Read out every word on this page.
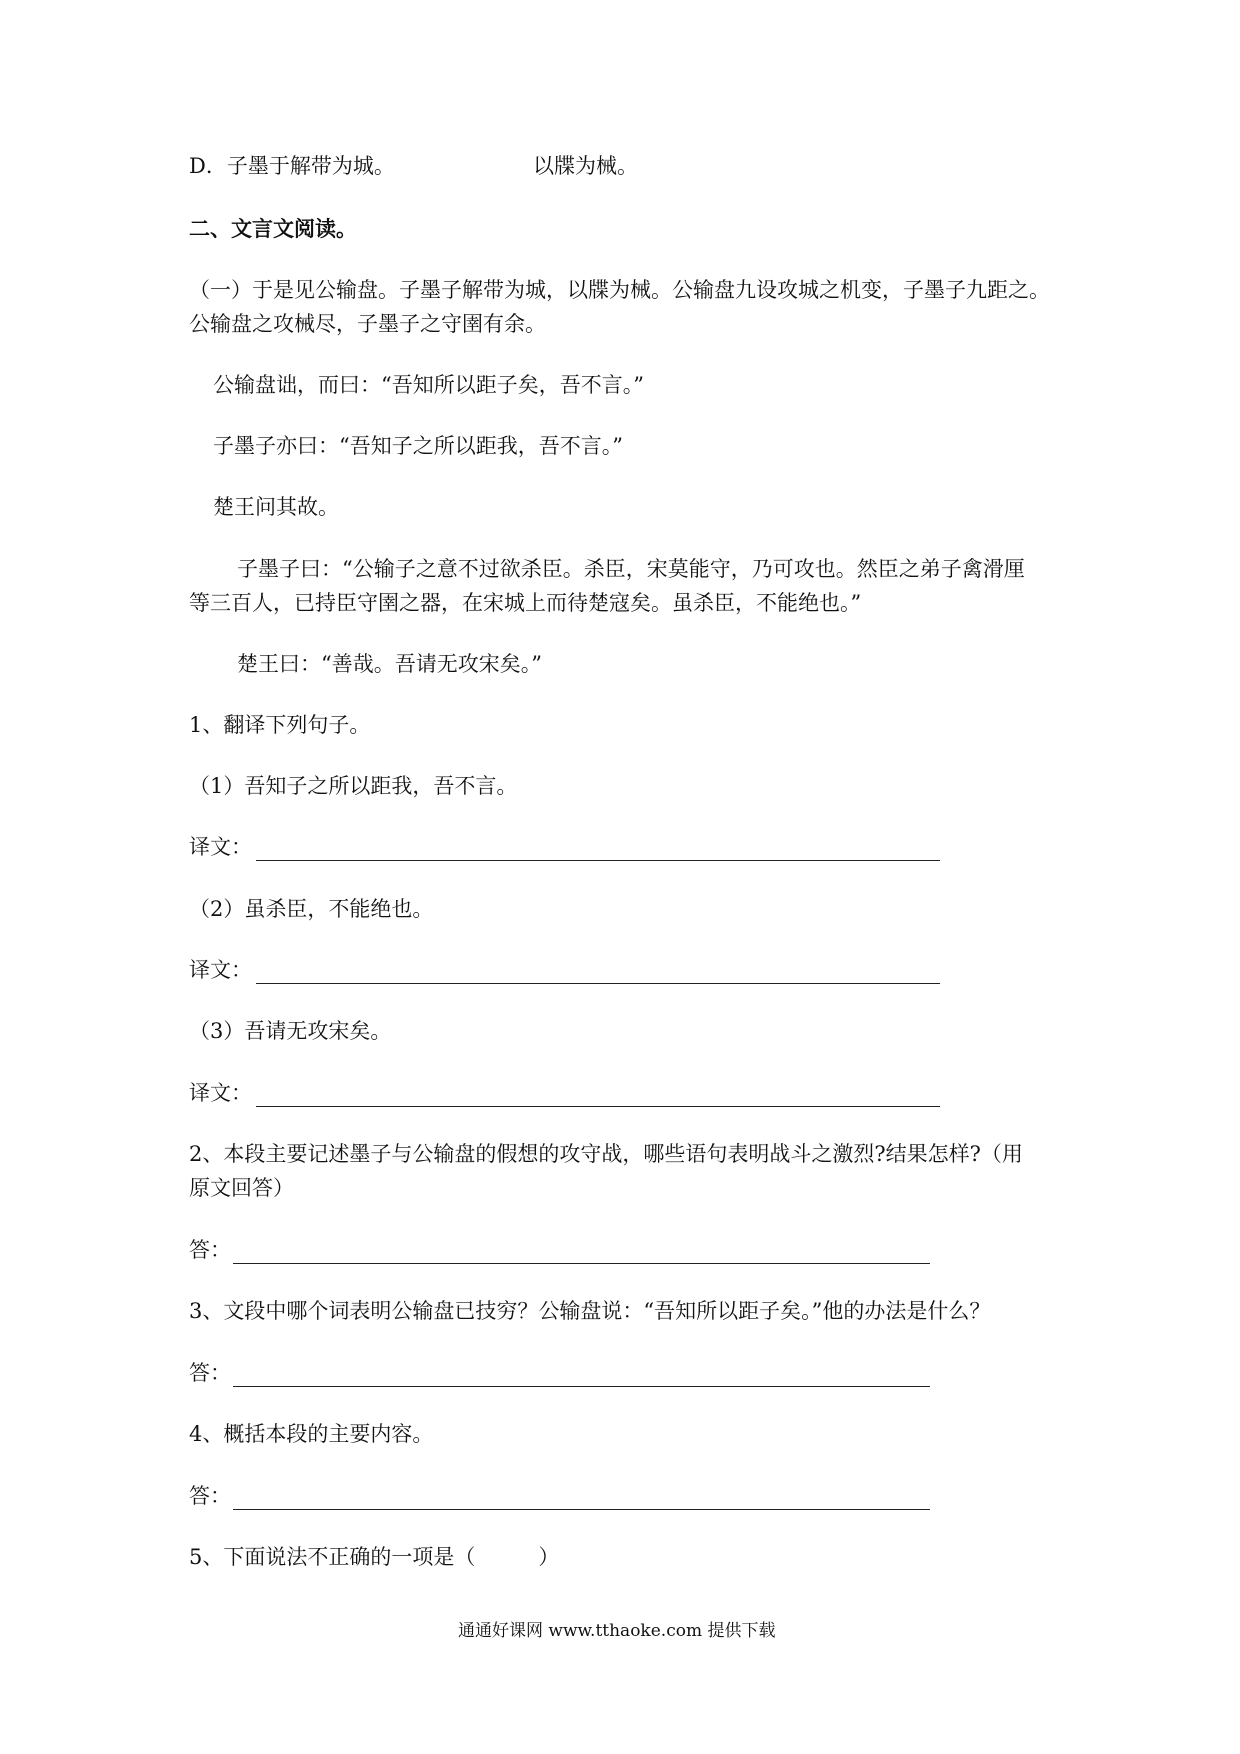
D．子墨于解带为城。	以牒为械。
二、文言文阅读。
（一）于是见公输盘。子墨子解带为城，以牒为械。公输盘九设攻城之机变，子墨子九距之。
公输盘之攻械尽，子墨子之守圉有余。
公输盘诎，而曰：“吾知所以距子矣，吾不言。”
子墨子亦曰：“吾知子之所以距我，吾不言。”
楚王问其故。
子墨子曰：“公输子之意不过欲杀臣。杀臣，宋莫能守，乃可攻也。然臣之弟子禽滑厘
等三百人，已持臣守圉之器，在宋城上而待楚寇矣。虽杀臣，不能绝也。”
楚王曰：“善哉。吾请无攻宋矣。”
1、翻译下列句子。
（1）吾知子之所以距我，吾不言。
译文：
（2）虽杀臣，不能绝也。
译文：
（3）吾请无攻宋矣。
译文：
2、本段主要记述墨子与公输盘的假想的攻守战，哪些语句表明战斗之激烈?结果怎样?（用
原文回答）
答：
3、文段中哪个词表明公输盘已技穷？公输盘说：“吾知所以距子矣。”他的办法是什么？
答：
4、概括本段的主要内容。
答：
5、下面说法不正确的一项是（　　　）
通通好课网 www.tthaoke.com 提供下载
